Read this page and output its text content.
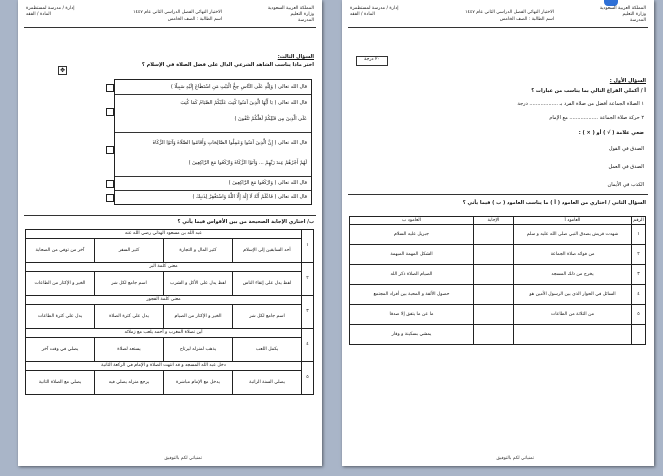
المملكة العربية السعودية
وزارة التعليم
المدرسة
الاختبار النهائي الفصل الدراسي الثاني عام ١٤٤٧
اسم الطالبة : الصف الخامس
إدارة / مدرسة لمستظمرة
المادة / الفقه
السؤال الثالث:
اختر ماذا يناسب الشاهد الشرعي الدال على فضل الصلاة في الإسلام ؟
✥
قال الله تعالى ( وَلِلَّهِ عَلَى النَّاسِ حِجُّ الْبَيْتِ مَنِ اسْتَطَاعَ إِلَيْهِ سَبِيلًا )
قال الله تعالى ( يَا أَيُّهَا الَّذِينَ آمَنُوا كُتِبَ عَلَيْكُمُ الصِّيَامُ كَمَا كُتِبَ
عَلَى الَّذِينَ مِن قَبْلِكُمْ لَعَلَّكُمْ تَتَّقُونَ )
قال الله تعالى ( إِنَّ الَّذِينَ آمَنُوا وَعَمِلُوا الصَّالِحَاتِ وَأَقَامُوا الصَّلَاةَ وَآتَوُا الزَّكَاةَ
لَهُمْ أَجْرُهُمْ عِندَ رَبِّهِمْ ... وَآتَوُا الزَّكَاةَ وَارْكَعُوا مَعَ الرَّاكِعِينَ )
قال الله تعالى ( وَارْكَعُوا مَعَ الرَّاكِعِينَ )
قال الله تعالى ( فَاعْلَمْ أَنَّهُ لَا إِلَٰهَ إِلَّا اللَّهُ وَاسْتَغْفِرْ لِذَنبِكَ )
ب/ اختاري الإجابة الصحيحة من بين الأقواس فيما يأتي ؟
١	عبد الله بن مسعود الهذلي رضي الله عنه			
	أحد السابقين إلى الإسلام	كثير المال و التجارة	كثير السفر	آخر من توفي من الصحابة
٢	معنى كلمة البر			
	لفظ يدل على إتقاء الناس	لفظ يدل على الأكل و الشرب	اسم جامع لكل شر	الخير و الإكثار من الطاعات
٣	معنى كلمة الفجور			
	اسم جامع لكل شر	الخير و الإكثار من الصيام	يدل على كثرة الصلاة	يدل على كثرة الطاعات
٤	أين تصلاة المغرب و أحمد يلعب مع زملائه			
	يكمل اللعب	يذهب لمنزله ليرتاح	يستعد لصلاة	يصلي في وقت آخر
٥	دخل عبد الله المسجد و قد انتهت الصلاة و الإمام في الركعة الثانية			
	يصلي السنة الراتبة	يدخل مع الإمام مباشرة	يرجع منزله يصلي فيه	يصلي مع الصلاة الثانية
تمنياتي لكم بالتوفيق
المملكة العربية السعودية
وزارة التعليم
المدرسة
الاختبار النهائي الفصل الدراسي الثاني عام ١٤٤٧
اسم الطالبة : الصف الخامس
إدارة / مدرسة لمستظمرة
المادة / الفقه
٢٠ درجة
السؤال الأول :
أ / أكملي الفراغ التالي بما يناسب من عبارات ؟
١ الصلاة الجماعة أفضل من صلاة الفرد بـ .................. درجة
٢ حركة صلاة الجماعة .................. مع الإمام
ضعي علامة ( √ ) أو ( × ) :
الصدق في القول
الصدق في العمل
الكذب في الأيمان
السؤال الثاني / اختاري من العامود ( أ ) ما يناسب العامود ( ب ) فيما يأتي ؟
الرقم	العامود أ	الإجابة	العامود ب
١	شهدت قريش بصدق النبي صلى الله عليه و سلم		جبريل عليه السلام
٢	من فوائد صلاة الجماعة		الشكل المهمة المبهمة
٣	يخرج من ذلك المسجد		الصيام الصلاة ذكر الله
٤	السائل في الحوار الذي بين الرسول الأمين هو		حصول الألفة و المحبة بين أفراد المجتمع
٥	من الثلاثة من الطاعات		ما عن ما يتفق إلا صدقا
			يمشي بسكينة و وقار
تمنياتي لكم بالتوفيق
